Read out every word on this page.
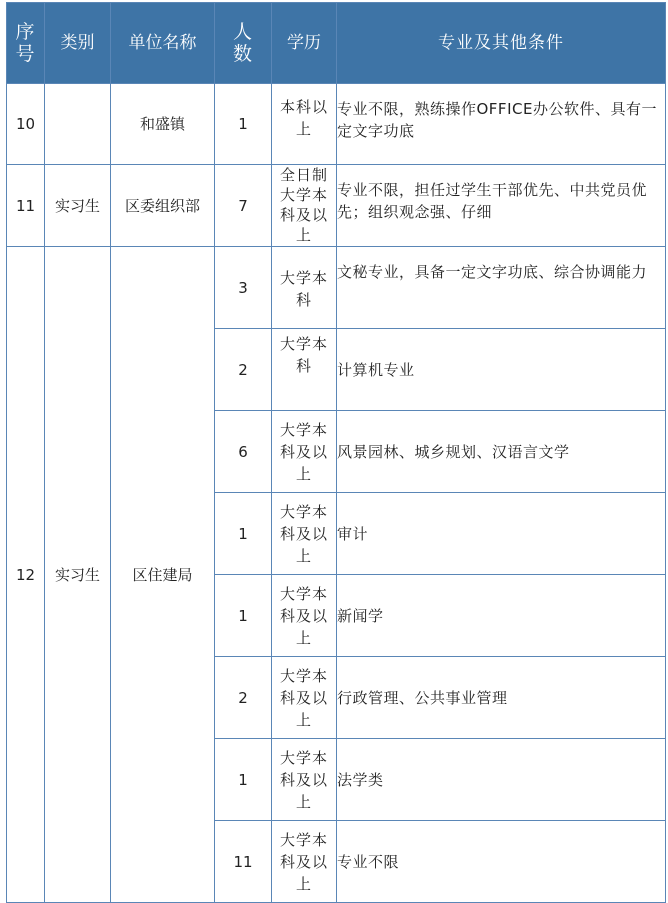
序号	类别	单位名称	人数	学历	专业及其他条件
10		和盛镇	1	本科以上	专业不限，熟练操作OFFICE办公软件、具有一定文字功底
11	实习生	区委组织部	7	全日制大学本科及以上	专业不限，担任过学生干部优先、中共党员优先；组织观念强、仔细
12	实习生	区住建局	3	大学本科	文秘专业，具备一定文字功底、综合协调能力
			2	大学本科	计算机专业
			6	大学本科及以上	风景园林、城乡规划、汉语言文学
			1	大学本科及以上	审计
			1	大学本科及以上	新闻学
			2	大学本科及以上	行政管理、公共事业管理
			1	大学本科及以上	法学类
			11	大学本科及以上	专业不限
